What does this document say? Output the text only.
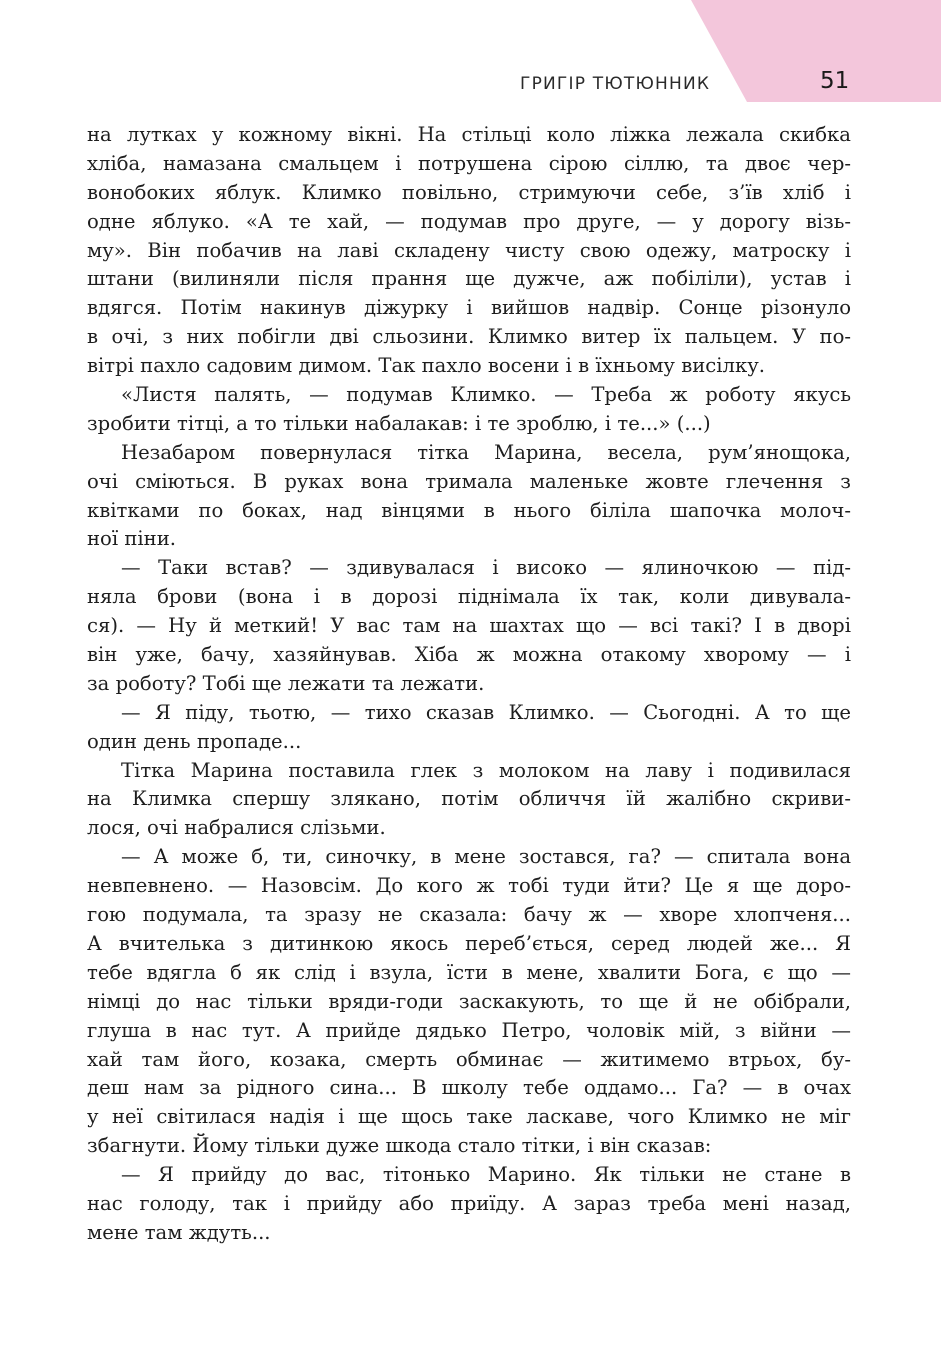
ГРИГІР ТЮТЮННИК	51
на лутках у кожному вікні. На стільці коло ліжка лежала скибка
хліба, намазана смальцем і потрушена сірою сіллю, та двоє чер-
вонобоких яблук. Климко повільно, стримуючи себе, з’їв хліб і
одне яблуко. «А те хай, — подумав про друге, — у дорогу візь-
му». Він побачив на лаві складену чисту свою одежу, матроску і
штани (вилиняли після прання ще дужче, аж побіліли), устав і
вдягся. Потім накинув діжурку і вийшов надвір. Сонце різонуло
в очі, з них побігли дві сльозини. Климко витер їх пальцем. У по-
вітрі пахло садовим димом. Так пахло восени і в їхньому висілку.
«Листя палять, — подумав Климко. — Треба ж роботу якусь
зробити тітці, а то тільки набалакав: і те зроблю, і те...» (...)
Незабаром повернулася тітка Марина, весела, рум’янощока,
очі сміються. В руках вона тримала маленьке жовте глечення з
квітками по боках, над вінцями в нього біліла шапочка молоч-
ної піни.
— Таки встав? — здивувалася і високо — ялиночкою — під-
няла брови (вона і в дорозі піднімала їх так, коли дивувала-
ся). — Ну й меткий! У вас там на шахтах що — всі такі? І в дворі
він уже, бачу, хазяйнував. Хіба ж можна отакому хворому — і
за роботу? Тобі ще лежати та лежати.
— Я піду, тьотю, — тихо сказав Климко. — Сьогодні. А то ще
один день пропаде...
Тітка Марина поставила глек з молоком на лаву і подивилася
на Климка спершу злякано, потім обличчя їй жалібно скриви-
лося, очі набралися слізьми.
— А може б, ти, синочку, в мене зостався, га? — спитала вона
невпевнено. — Назовсім. До кого ж тобі туди йти? Це я ще доро-
гою подумала, та зразу не сказала: бачу ж — хворе хлопченя...
А вчителька з дитинкою якось переб’ється, серед людей же... Я
тебе вдягла б як слід і взула, їсти в мене, хвалити Бога, є що —
німці до нас тільки вряди-годи заскакують, то ще й не обібрали,
глуша в нас тут. А прийде дядько Петро, чоловік мій, з війни —
хай там його, козака, смерть обминає — житимемо втрьох, бу-
деш нам за рідного сина... В школу тебе оддамо... Га? — в очах
у неї світилася надія і ще щось таке лаcкаве, чого Климко не міг
збагнути. Йому тільки дуже шкода стало тітки, і він сказав:
— Я прийду до вас, тітонько Марино. Як тільки не стане в
нас голоду, так і прийду або приїду. А зараз треба мені назад,
мене там ждуть...
